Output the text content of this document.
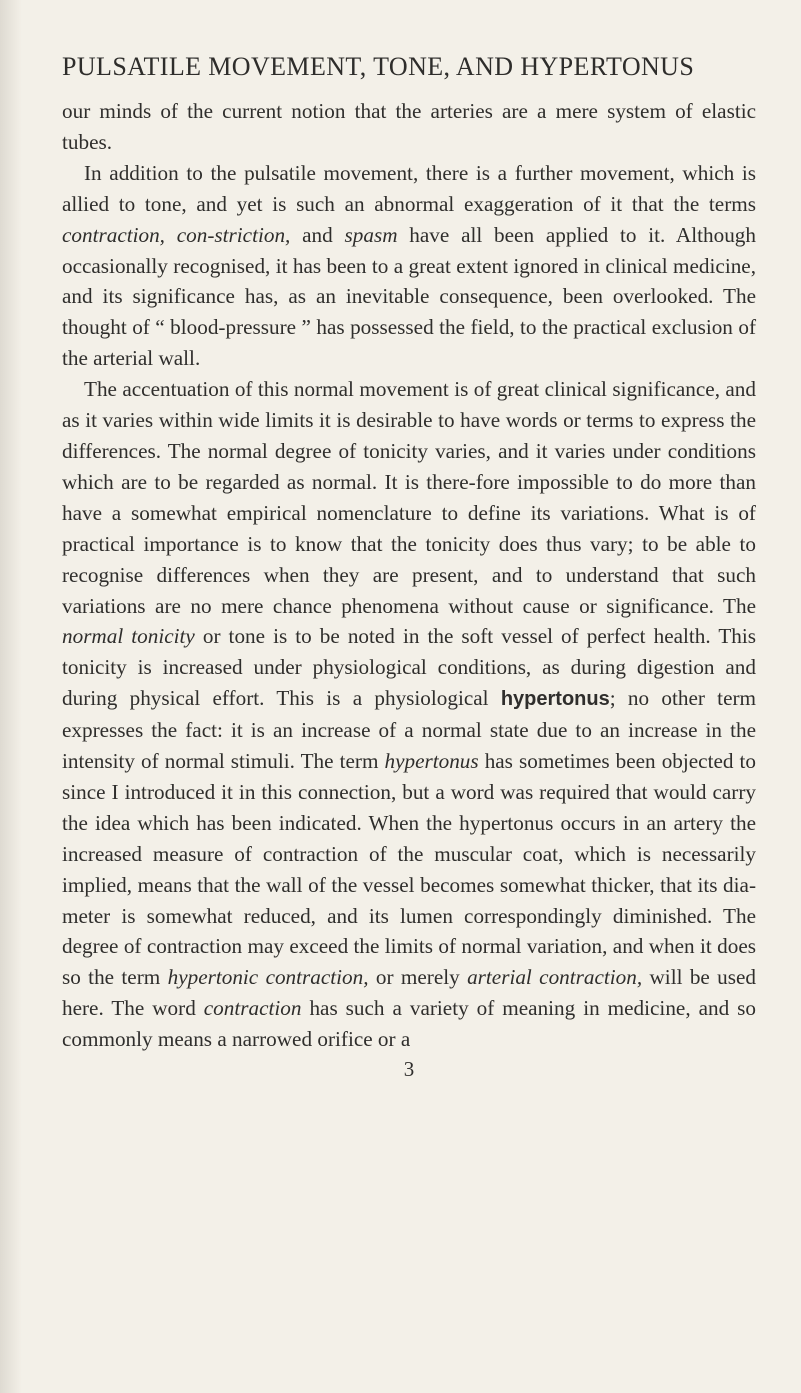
PULSATILE MOVEMENT, TONE, AND HYPERTONUS

our minds of the current notion that the arteries are a mere system of elastic tubes.

In addition to the pulsatile movement, there is a further movement, which is allied to tone, and yet is such an abnormal exaggeration of it that the terms contraction, con-striction, and spasm have all been applied to it. Although occasionally recognised, it has been to a great extent ignored in clinical medicine, and its significance has, as an inevitable consequence, been overlooked. The thought of “ blood-pressure ” has possessed the field, to the practical exclusion of the arterial wall.

The accentuation of this normal movement is of great clinical significance, and as it varies within wide limits it is desirable to have words or terms to express the differences. The normal degree of tonicity varies, and it varies under conditions which are to be regarded as normal. It is there-fore impossible to do more than have a somewhat empirical nomenclature to define its variations. What is of practical importance is to know that the tonicity does thus vary; to be able to recognise differences when they are present, and to understand that such variations are no mere chance phenomena without cause or significance. The normal tonicity or tone is to be noted in the soft vessel of perfect health. This tonicity is increased under physiological conditions, as during digestion and during physical effort. This is a physiological hypertonus; no other term expresses the fact: it is an increase of a normal state due to an increase in the intensity of normal stimuli. The term hypertonus has sometimes been objected to since I introduced it in this connection, but a word was required that would carry the idea which has been indicated. When the hypertonus occurs in an artery the increased measure of contraction of the muscular coat, which is necessarily implied, means that the wall of the vessel becomes somewhat thicker, that its dia-meter is somewhat reduced, and its lumen correspondingly diminished. The degree of contraction may exceed the limits of normal variation, and when it does so the term hypertonic contraction, or merely arterial contraction, will be used here. The word contraction has such a variety of meaning in medicine, and so commonly means a narrowed orifice or a

3
